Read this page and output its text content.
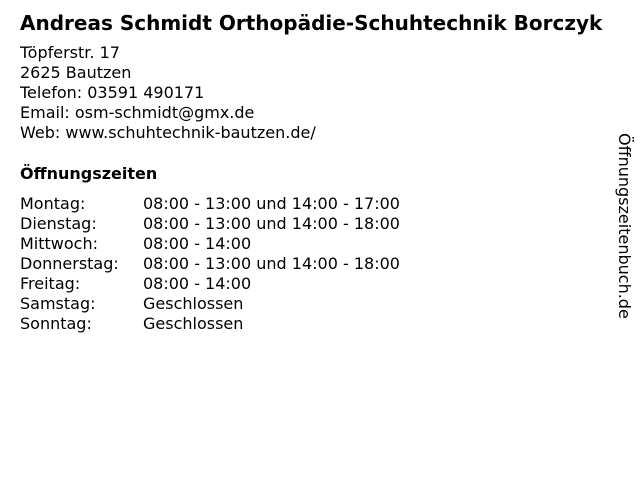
Andreas Schmidt Orthopädie-Schuhtechnik Borczyk
Töpferstr. 17
2625 Bautzen
Telefon: 03591 490171
Email: osm-schmidt@gmx.de
Web: www.schuhtechnik-bautzen.de/
Öffnungszeiten
Montag:	08:00 - 13:00 und 14:00 - 17:00
Dienstag:	08:00 - 13:00 und 14:00 - 18:00
Mittwoch:	08:00 - 14:00
Donnerstag:	08:00 - 13:00 und 14:00 - 18:00
Freitag:	08:00 - 14:00
Samstag:	Geschlossen
Sonntag:	Geschlossen
Öffnungszeitenbuch.de
